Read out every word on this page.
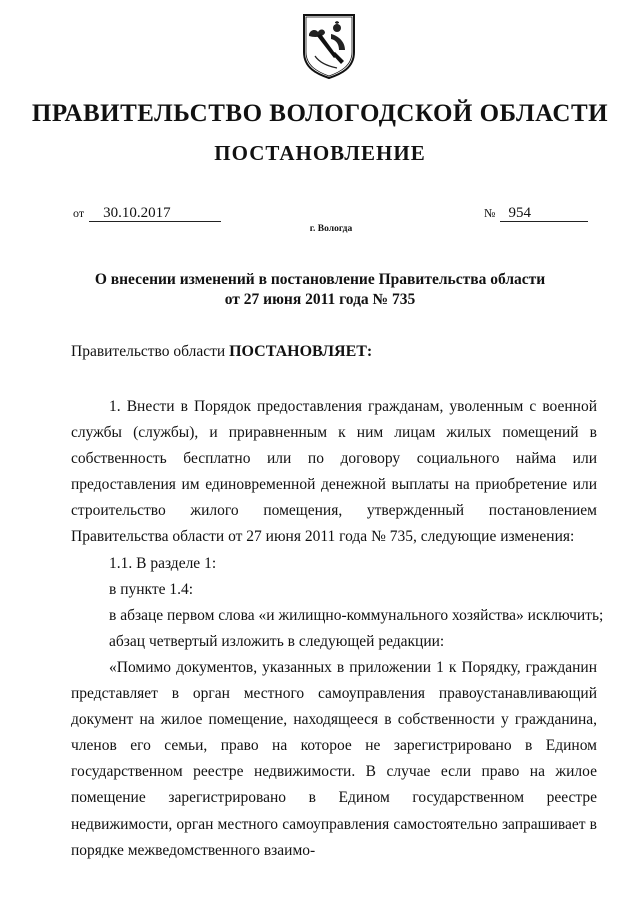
ПРАВИТЕЛЬСТВО ВОЛОГОДСКОЙ ОБЛАСТИ
ПОСТАНОВЛЕНИЕ
от 30.10.2017	№ 954
г. Вологда
О внесении изменений в постановление Правительства области
от 27 июня 2011 года № 735
Правительство области ПОСТАНОВЛЯЕТ:

1. Внести в Порядок предоставления гражданам, уволенным с военной службы (службы), и приравненным к ним лицам жилых помещений в собственность бесплатно или по договору социального найма или предоставления им единовременной денежной выплаты на приобретение или строительство жилого помещения, утвержденный постановлением Правительства области от 27 июня 2011 года № 735, следующие изменения:

1.1. В разделе 1:

в пункте 1.4:

в абзаце первом слова «и жилищно-коммунального хозяйства» исключить;

абзац четвертый изложить в следующей редакции:

«Помимо документов, указанных в приложении 1 к Порядку, гражданин представляет в орган местного самоуправления правоустанавливающий документ на жилое помещение, находящееся в собственности у гражданина, членов его семьи, право на которое не зарегистрировано в Едином государственном реестре недвижимости. В случае если право на жилое помещение зарегистрировано в Едином государственном реестре недвижимости, орган местного самоуправления самостоятельно запрашивает в порядке межведомственного взаимо-
